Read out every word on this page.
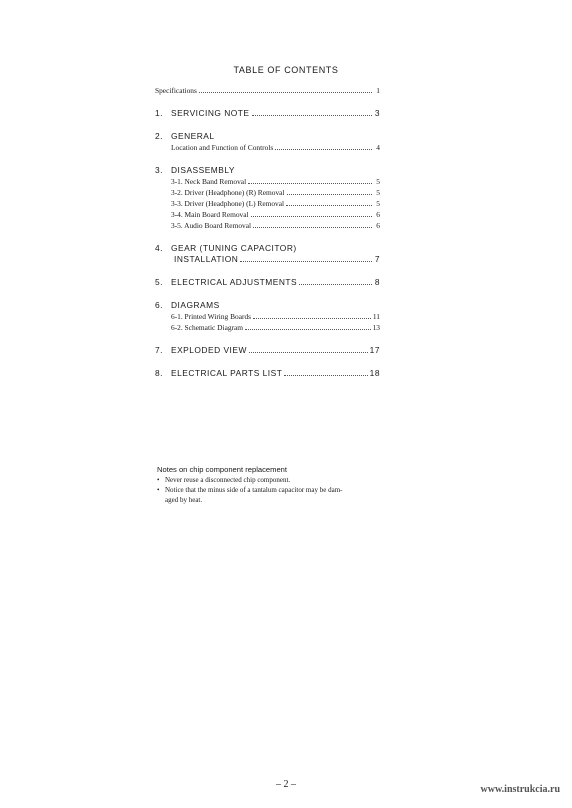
TABLE OF CONTENTS
Specifications	1
1. SERVICING NOTE	3
2. GENERAL
Location and Function of Controls	4
3. DISASSEMBLY
3-1. Neck Band Removal	5
3-2. Driver (Headphone) (R) Removal	5
3-3. Driver (Headphone) (L) Removal	5
3-4. Main Board Removal	6
3-5. Audio Board Removal	6
4. GEAR (TUNING CAPACITOR)
INSTALLATION	7
5. ELECTRICAL ADJUSTMENTS	8
6. DIAGRAMS
6-1. Printed Wiring Boards	11
6-2. Schematic Diagram	13
7. EXPLODED VIEW	17
8. ELECTRICAL PARTS LIST	18
Notes on chip component replacement
• Never reuse a disconnected chip component.
• Notice that the minus side of a tantalum capacitor may be dam-
aged by heat.
– 2 –	www.instrukcia.ru
